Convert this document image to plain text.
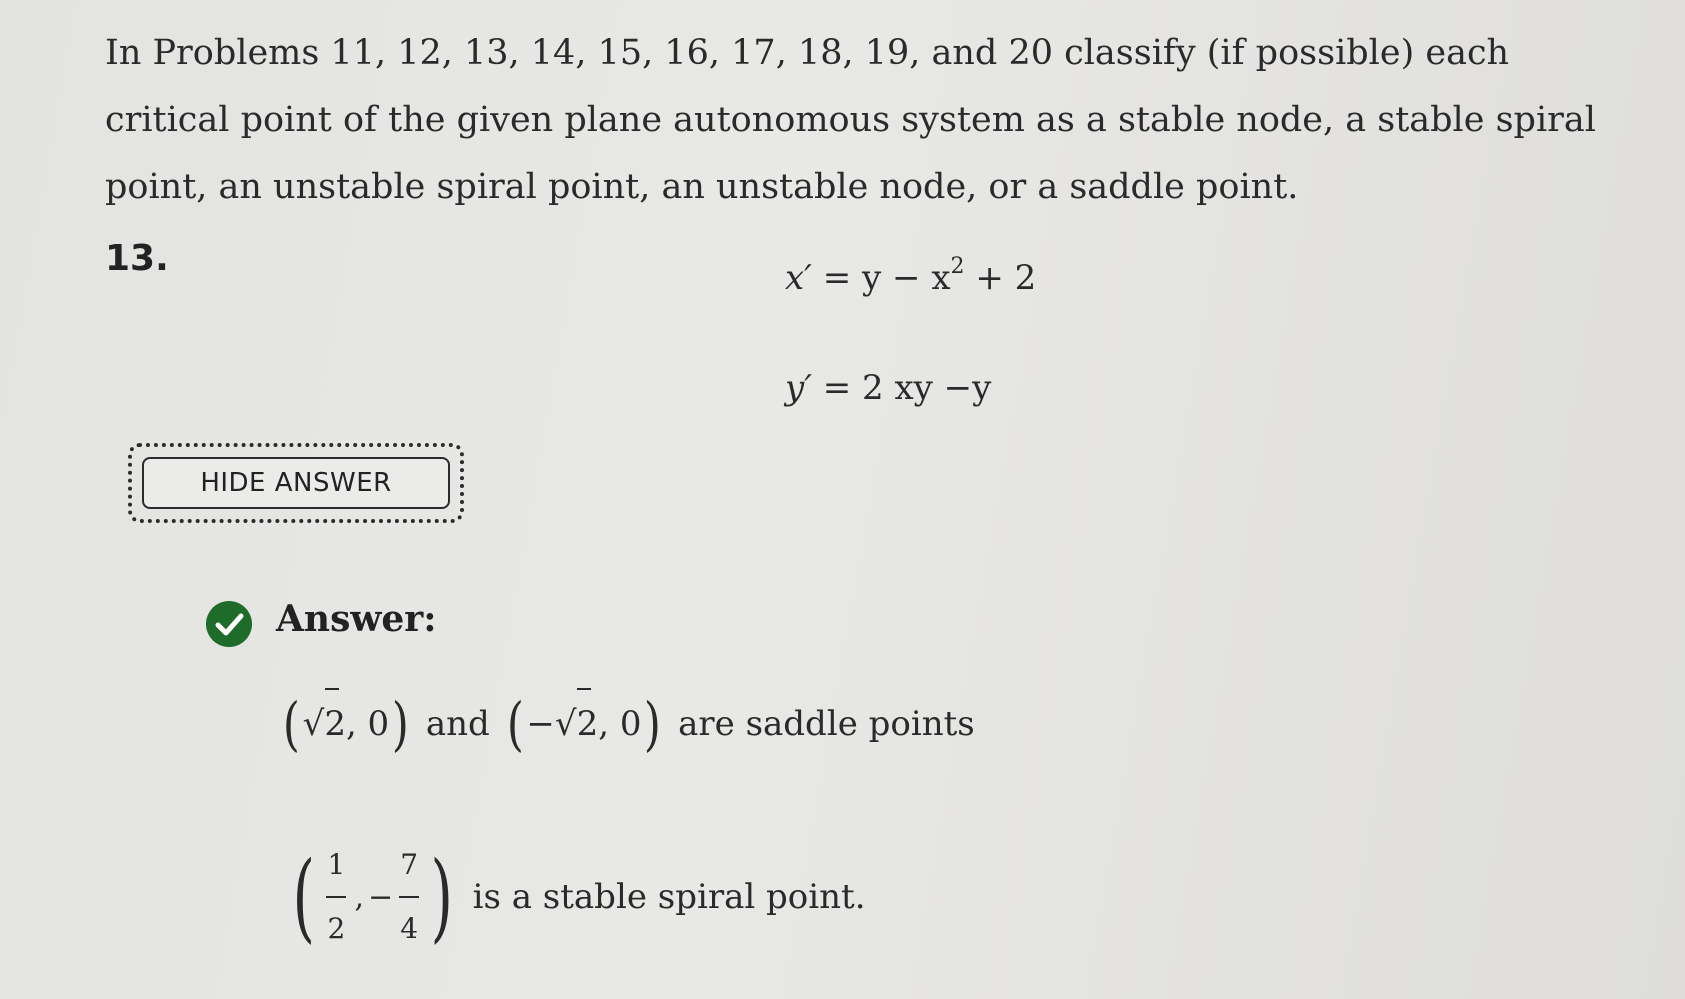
In Problems 11, 12, 13, 14, 15, 16, 17, 18, 19, and 20 classify (if possible) each critical point of the given plane autonomous system as a stable node, a stable spiral point, an unstable spiral point, an unstable node, or a saddle point.
13.	$x' = y - x^2 + 2$
y′ = 2 xy −y
HIDE ANSWER
Answer:
( √ 2, 0 ) and ( − √ 2, 0 ) are saddle points
( $\frac{1}{2}$ , − $\frac{7}{4}$ ) is a stable spiral point.
